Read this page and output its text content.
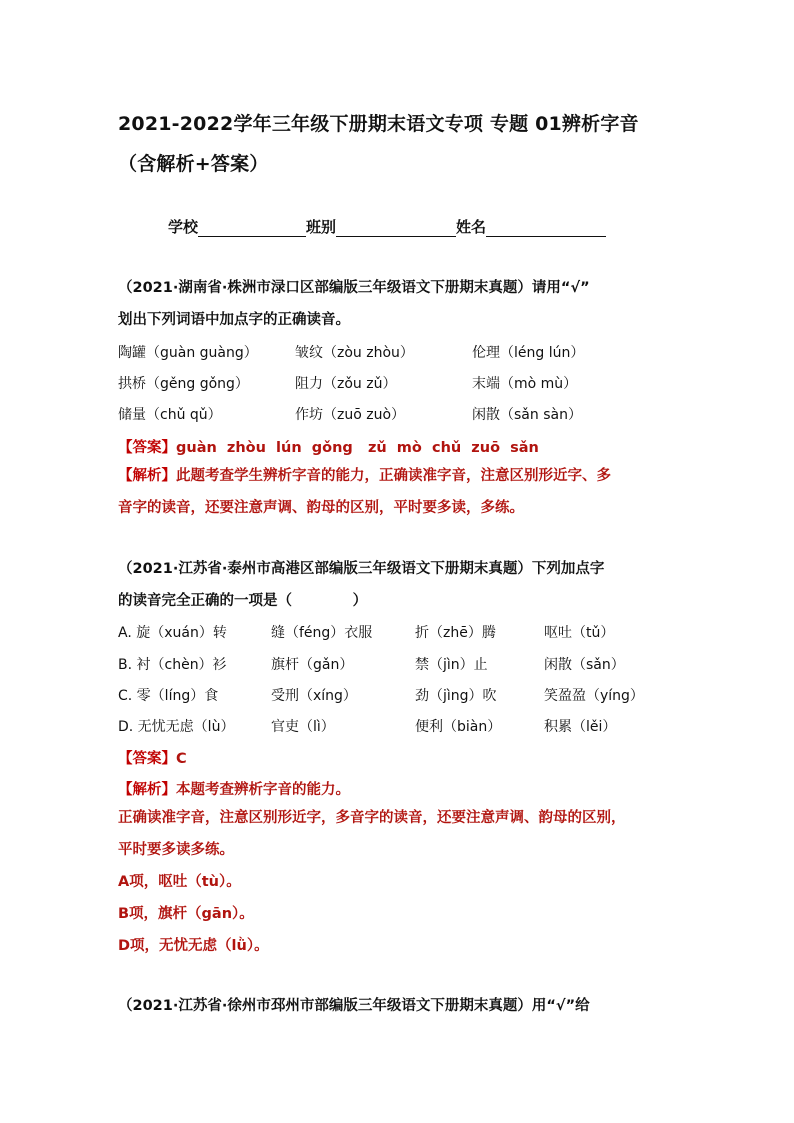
2021-2022学年三年级下册期末语文专项 专题 01辨析字音
（含解析+答案）
学校	班别	姓名
（2021·湖南省·株洲市渌口区部编版三年级语文下册期末真题）请用“√”
划出下列词语中加点字的正确读音。
陶罐（guàn guàng）	皱纹（zòu zhòu）	伦理（léng lún）
拱桥（gěng gǒng）	阻力（zǒu zǔ）	末端（mò mù）
储量（chǔ qǔ）	作坊（zuō zuò）	闲散（sǎn sàn）
【答案】guàn  zhòu  lún  gǒng   zǔ  mò  chǔ  zuō  sǎn
【解析】此题考查学生辨析字音的能力，正确读准字音，注意区别形近字、多
音字的读音，还要注意声调、韵母的区别，平时要多读，多练。
（2021·江苏省·泰州市高港区部编版三年级语文下册期末真题）下列加点字
的读音完全正确的一项是（            ）
A. 旋（xuán）转	缝（féng）衣服	折（zhē）腾	呕吐（tǔ）
B. 衬（chèn）衫	旗杆（gǎn）	禁（jìn）止	闲散（sǎn）
C. 零（líng）食	受刑（xíng）	劲（jìng）吹	笑盈盈（yíng）
D. 无忧无虑（lù）	官吏（lì）	便利（biàn）	积累（lěi）
【答案】C
【解析】本题考查辨析字音的能力。
正确读准字音，注意区别形近字，多音字的读音，还要注意声调、韵母的区别，
平时要多读多练。
A项，呕吐（tù）。
B项，旗杆（gān）。
D项，无忧无虑（lǜ）。
（2021·江苏省·徐州市邳州市部编版三年级语文下册期末真题）用“√”给
